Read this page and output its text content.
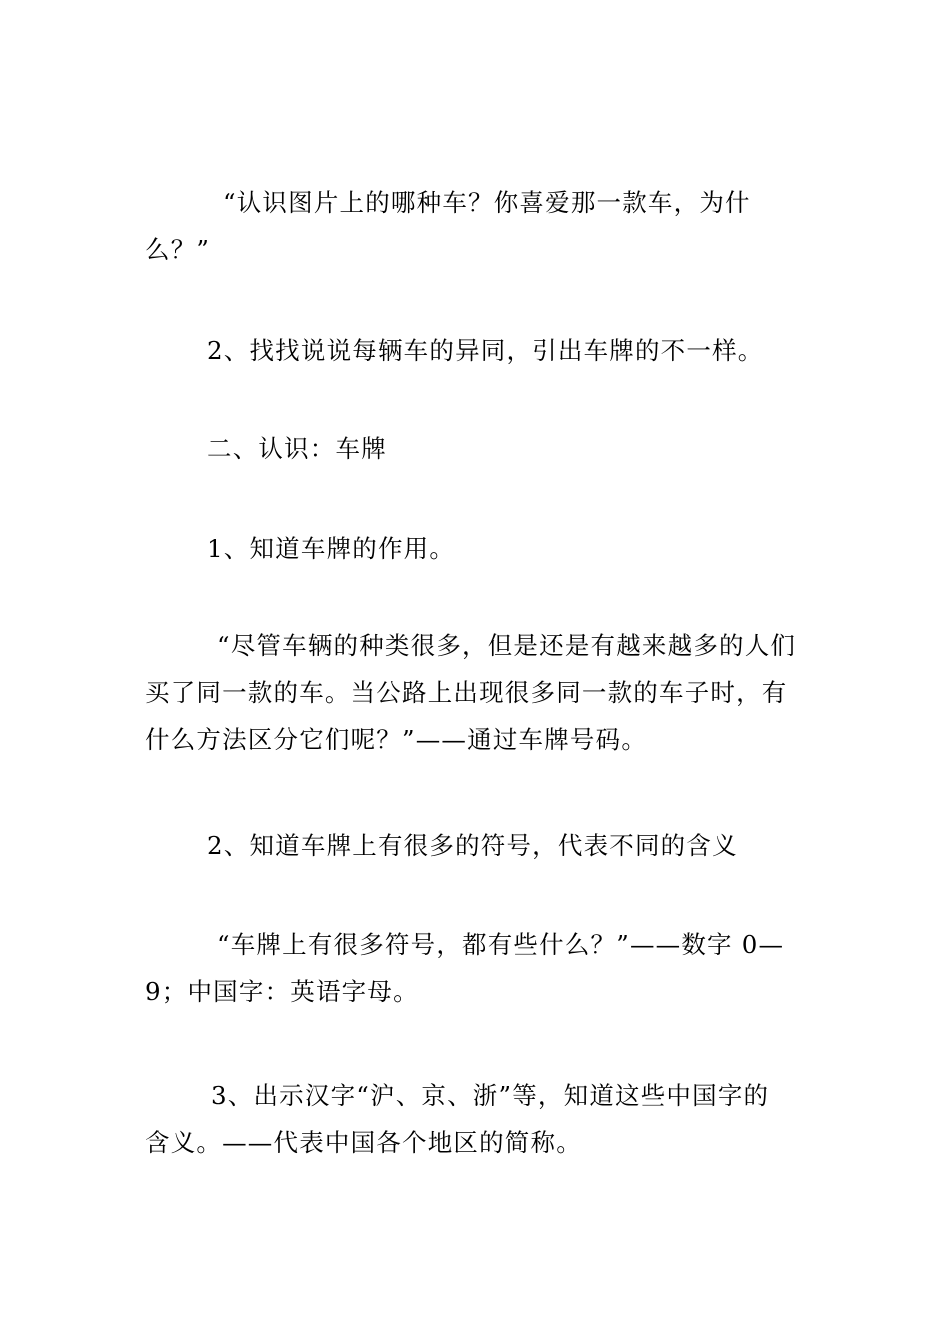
“认识图片上的哪种车？你喜爱那一款车，为什
么？”

2、找找说说每辆车的异同，引出车牌的不一样。

二、认识：车牌

1、知道车牌的作用。

“尽管车辆的种类很多，但是还是有越来越多的人们
买了同一款的车。当公路上出现很多同一款的车子时，有
什么方法区分它们呢？”——通过车牌号码。

2、知道车牌上有很多的符号，代表不同的含义

“车牌上有很多符号，都有些什么？”——数字 0—
9；中国字：英语字母。

3、出示汉字“沪、京、浙”等，知道这些中国字的
含义。——代表中国各个地区的简称。
